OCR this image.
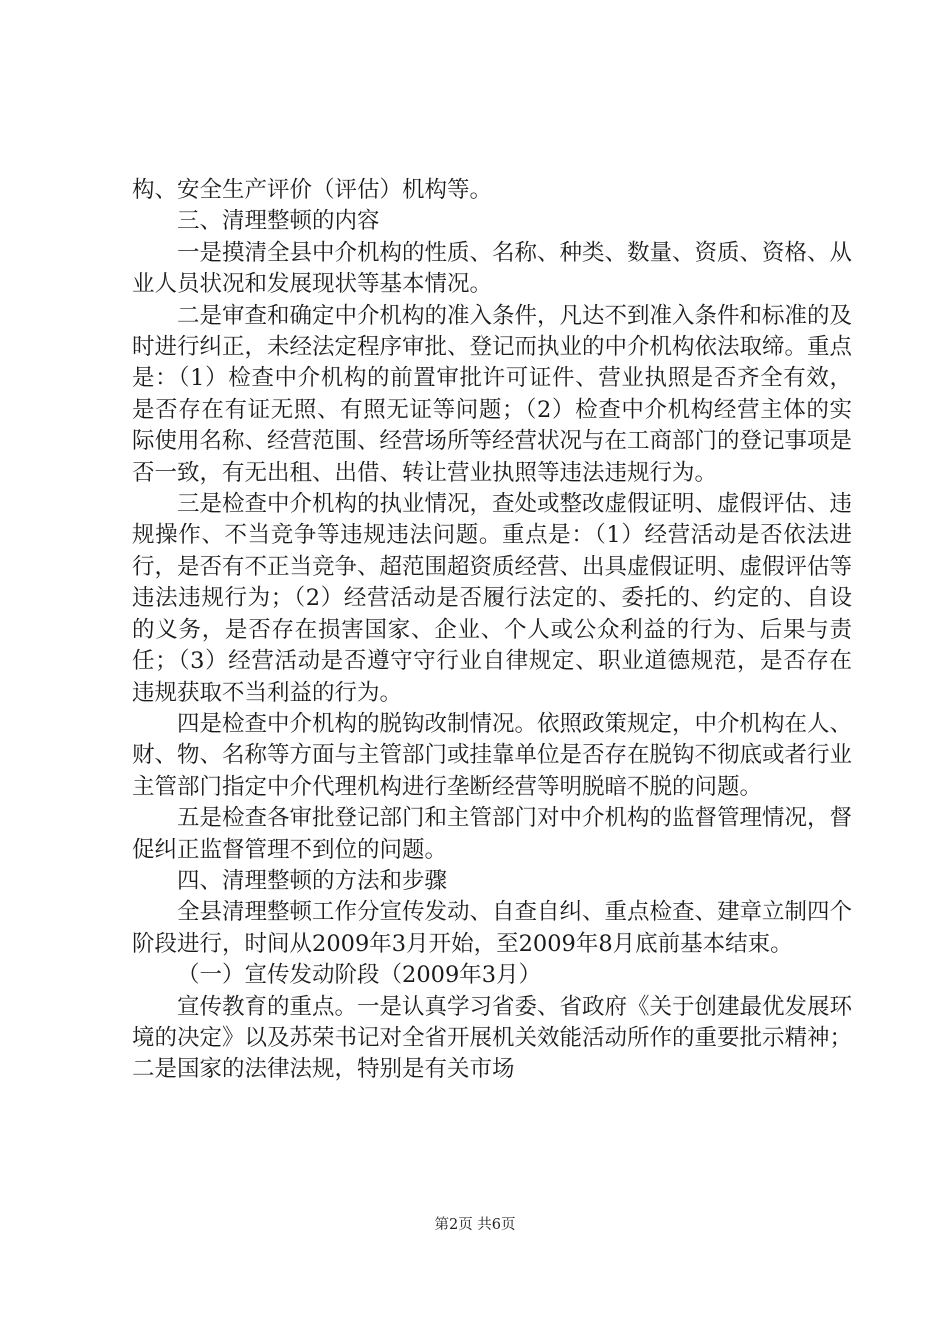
构、安全生产评价（评估）机构等。

三、清理整顿的内容

一是摸清全县中介机构的性质、名称、种类、数量、资质、资格、从业人员状况和发展现状等基本情况。

二是审查和确定中介机构的准入条件，凡达不到准入条件和标准的及时进行纠正，未经法定程序审批、登记而执业的中介机构依法取缔。重点是：（1）检查中介机构的前置审批许可证件、营业执照是否齐全有效，是否存在有证无照、有照无证等问题；（2）检查中介机构经营主体的实际使用名称、经营范围、经营场所等经营状况与在工商部门的登记事项是否一致，有无出租、出借、转让营业执照等违法违规行为。

三是检查中介机构的执业情况，查处或整改虚假证明、虚假评估、违规操作、不当竞争等违规违法问题。重点是：（1）经营活动是否依法进行，是否有不正当竞争、超范围超资质经营、出具虚假证明、虚假评估等违法违规行为；（2）经营活动是否履行法定的、委托的、约定的、自设的义务，是否存在损害国家、企业、个人或公众利益的行为、后果与责任；（3）经营活动是否遵守守行业自律规定、职业道德规范，是否存在违规获取不当利益的行为。

四是检查中介机构的脱钩改制情况。依照政策规定，中介机构在人、财、物、名称等方面与主管部门或挂靠单位是否存在脱钩不彻底或者行业主管部门指定中介代理机构进行垄断经营等明脱暗不脱的问题。

五是检查各审批登记部门和主管部门对中介机构的监督管理情况，督促纠正监督管理不到位的问题。

四、清理整顿的方法和步骤

全县清理整顿工作分宣传发动、自查自纠、重点检查、建章立制四个阶段进行，时间从2009年3月开始，至2009年8月底前基本结束。

（一）宣传发动阶段（2009年3月）

宣传教育的重点。一是认真学习省委、省政府《关于创建最优发展环境的决定》以及苏荣书记对全省开展机关效能活动所作的重要批示精神；二是国家的法律法规，特别是有关市场

第2页 共6页
